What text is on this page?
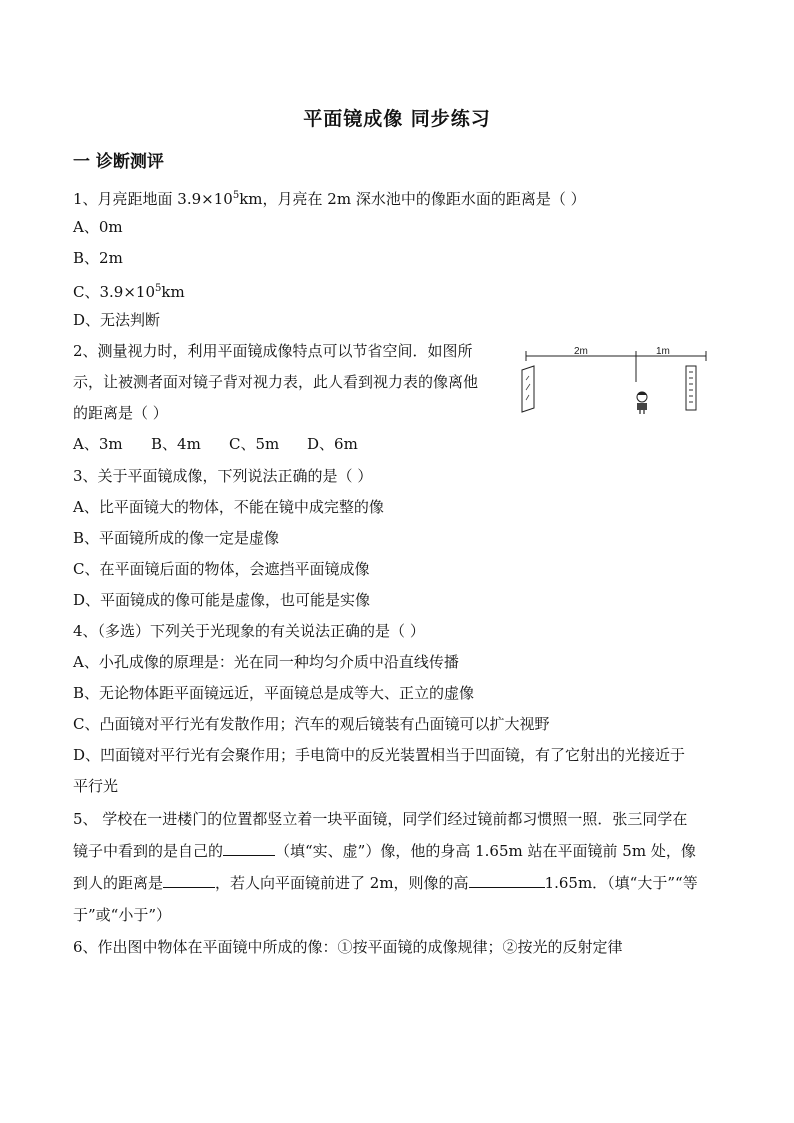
平面镜成像 同步练习
一 诊断测评
1、月亮距地面 $3.9\times 10^5km$，月亮在 2m 深水池中的像距水面的距离是（ ）
A、0m
B、2m
C、$3.9\times 10^5km$
D、无法判断
2、测量视力时，利用平面镜成像特点可以节省空间．如图所
示，让被测者面对镜子背对视力表，此人看到视力表的像离他
的距离是（ ）
A、3m B、4m C、5m D、6m
2m	1m
3、关于平面镜成像，下列说法正确的是（ ）
A、比平面镜大的物体，不能在镜中成完整的像
B、平面镜所成的像一定是虚像
C、在平面镜后面的物体，会遮挡平面镜成像
D、平面镜成的像可能是虚像，也可能是实像
4、（多选）下列关于光现象的有关说法正确的是（ ）
A、小孔成像的原理是：光在同一种均匀介质中沿直线传播
B、无论物体距平面镜远近，平面镜总是成等大、正立的虚像
C、凸面镜对平行光有发散作用；汽车的观后镜装有凸面镜可以扩大视野
D、凹面镜对平行光有会聚作用；手电筒中的反光装置相当于凹面镜，有了它射出的光接近于
平行光
5、 学校在一进楼门的位置都竖立着一块平面镜，同学们经过镜前都习惯照一照．张三同学在
镜子中看到的是自己的	（填“实、虚”）像，他的身高 1.65m 站在平面镜前 5m 处，像
到人的距离是	，若人向平面镜前进了 2m，则像的高	1.65m．（填“大于”“等
于”或“小于”）
6、作出图中物体在平面镜中所成的像：①按平面镜的成像规律；②按光的反射定律
